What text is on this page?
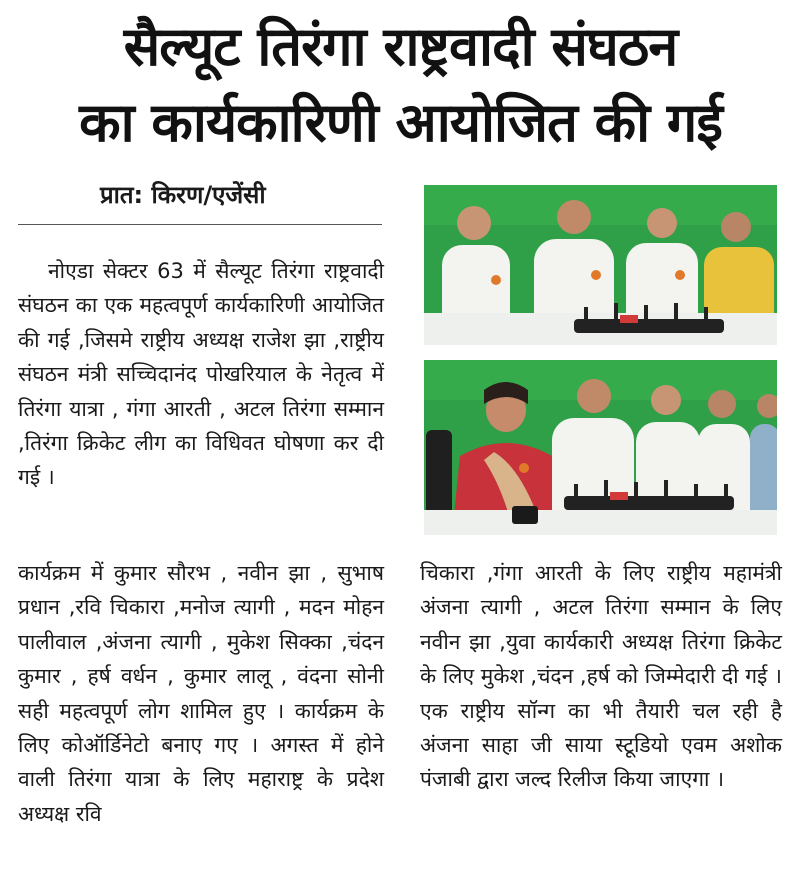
सैल्यूट तिरंगा राष्ट्रवादी संघठन
का कार्यकारिणी आयोजित की गई
प्रात: किरण/एजेंसी

नोएडा सेक्टर 63 में सैल्यूट तिरंगा राष्ट्रवादी संघठन का एक महत्वपूर्ण कार्यकारिणी आयोजित की गई ,जिसमे राष्ट्रीय अध्यक्ष राजेश झा ,राष्ट्रीय संघठन मंत्री सच्चिदानंद पोखरियाल के नेतृत्व में तिरंगा यात्रा , गंगा आरती , अटल तिरंगा सम्मान ,तिरंगा क्रिकेट लीग का विधिवत घोषणा कर दी गई ।

कार्यक्रम में कुमार सौरभ , नवीन झा , सुभाष प्रधान ,रवि चिकारा ,मनोज त्यागी , मदन मोहन पालीवाल ,अंजना त्यागी , मुकेश सिक्का ,चंदन कुमार , हर्ष वर्धन , कुमार लालू , वंदना सोनी सही महत्वपूर्ण लोग शामिल हुए । कार्यक्रम के लिए कोऑर्डिनेटो बनाए गए । अगस्त में होने वाली तिरंगा यात्रा के लिए महाराष्ट्र के प्रदेश अध्यक्ष रवि

चिकारा ,गंगा आरती के लिए राष्ट्रीय महामंत्री अंजना त्यागी , अटल तिरंगा सम्मान के लिए नवीन झा ,युवा कार्यकारी अध्यक्ष तिरंगा क्रिकेट के लिए मुकेश ,चंदन ,हर्ष को जिम्मेदारी दी गई । एक राष्ट्रीय सॉन्ग का भी तैयारी चल रही है अंजना साहा जी साया स्टूडियो एवम अशोक पंजाबी द्वारा जल्द रिलीज किया जाएगा ।
